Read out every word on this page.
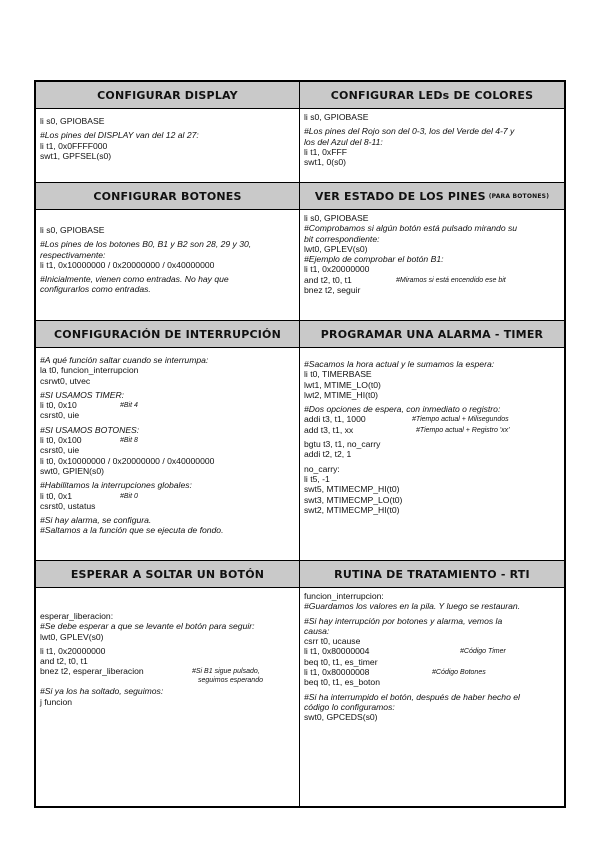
CONFIGURAR DISPLAY
li s0, GPIOBASE
#Los pines del DISPLAY van del 12 al 27:
li t1, 0x0FFFF000
swt1, GPFSEL(s0)
CONFIGURAR LEDs DE COLORES
li s0, GPIOBASE
#Los pines del Rojo son del 0-3, los del Verde del 4-7 y
los del Azul del 8-11:
li t1, 0xFFF
swt1, 0(s0)
CONFIGURAR BOTONES
li s0, GPIOBASE
#Los pines de los botones B0, B1 y B2 son 28, 29 y 30,
respectivamente:
li t1, 0x10000000 / 0x20000000 / 0x40000000
#Inicialmente, vienen como entradas. No hay que
configurarlos como entradas.
VER ESTADO DE LOS PINES (PARA BOTONES)
li s0, GPIOBASE
#Comprobamos si algún botón está pulsado mirando su
bit correspondiente:
lwt0, GPLEV(s0)
#Ejemplo de comprobar el botón B1:
li t1, 0x20000000
and t2, t0, t1	#Miramos si está encendido ese bit
bnez t2, seguir
CONFIGURACIÓN DE INTERRUPCIÓN
#A qué función saltar cuando se interrumpa:
la t0, funcion_interrupcion
csrwt0, utvec
#SI USAMOS TIMER:
li t0, 0x10	#Bit 4
csrst0, uie
#SI USAMOS BOTONES:
li t0, 0x100	#Bit 8
csrst0, uie
li t0, 0x10000000 / 0x20000000 / 0x40000000
swt0, GPIEN(s0)
#Habilitamos la interrupciones globales:
li t0, 0x1	#Bit 0
csrst0, ustatus
#Si hay alarma, se configura.
#Saltamos a la función que se ejecuta de fondo.
PROGRAMAR UNA ALARMA - TIMER
#Sacamos la hora actual y le sumamos la espera:
li t0, TIMERBASE
lwt1, MTIME_LO(t0)
lwt2, MTIME_HI(t0)
#Dos opciones de espera, con inmediato o registro:
addi t3, t1, 1000	#Tiempo actual + Milisegundos
add t3, t1, xx	#Tiempo actual + Registro 'xx'
bgtu t3, t1, no_carry
addi t2, t2, 1
no_carry:
li t5, -1
swt5, MTIMECMP_HI(t0)
swt3, MTIMECMP_LO(t0)
swt2, MTIMECMP_HI(t0)
ESPERAR A SOLTAR UN BOTÓN
esperar_liberacion:
#Se debe esperar a que se levante el botón para seguir:
lwt0, GPLEV(s0)
li t1, 0x20000000
and t2, t0, t1
bnez t2, esperar_liberacion	#Si B1 sigue pulsado,
seguimos esperando
#Si ya los ha soltado, seguimos:
j funcion
RUTINA DE TRATAMIENTO - RTI
funcion_interrupcion:
#Guardamos los valores en la pila. Y luego se restauran.
#Si hay interrupción por botones y alarma, vemos la
causa:
csrr t0, ucause
li t1, 0x80000004	#Código Timer
beq t0, t1, es_timer
li t1, 0x80000008	#Código Botones
beq t0, t1, es_boton
#Si ha interrumpido el botón, después de haber hecho el
código lo configuramos:
swt0, GPCEDS(s0)
